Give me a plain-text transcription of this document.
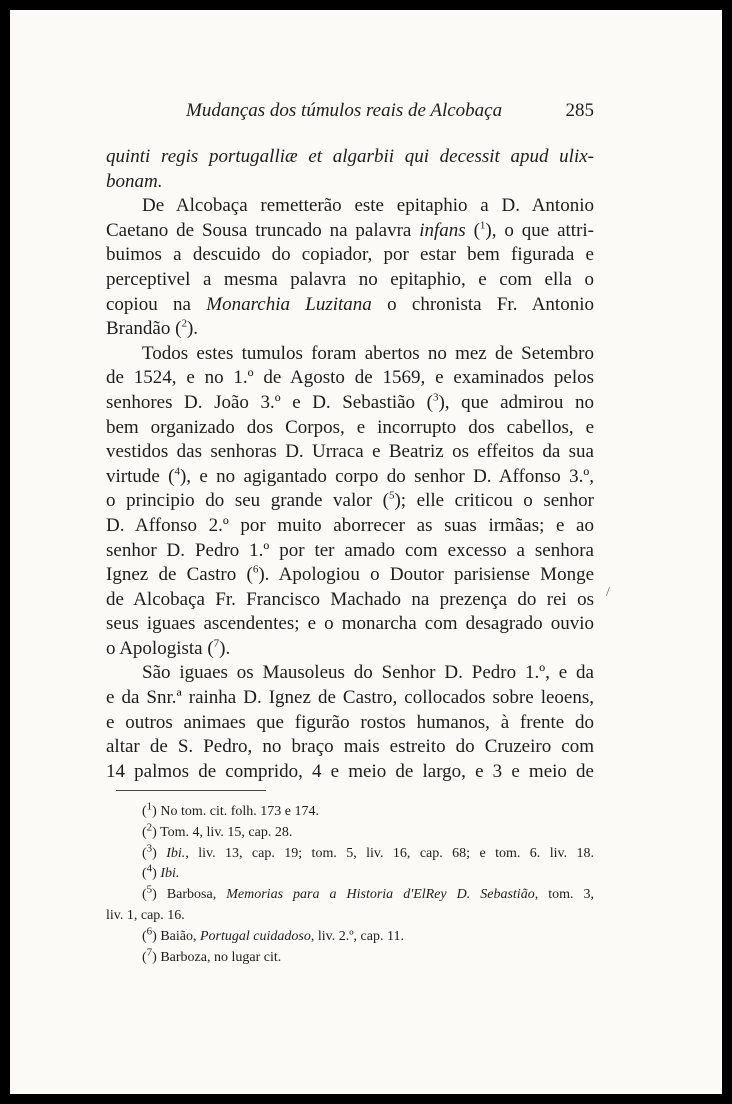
Mudanças dos túmulos reais de Alcobaça	285
quinti regis portugalliæ et algarbii qui decessit apud ulix-
bonam.
De Alcobaça remetterão este epitaphio a D. Antonio
Caetano de Sousa truncado na palavra infans ($^1$), o que attri-
buimos a descuido do copiador, por estar bem figurada e
perceptivel a mesma palavra no epitaphio, e com ella o
copiou na Monarchia Luzitana o chronista Fr. Antonio
Brandão ($^2$).
Todos estes tumulos foram abertos no mez de Setembro
de 1524, e no 1.º de Agosto de 1569, e examinados pelos
senhores D. João 3.º e D. Sebastião ($^3$), que admirou no
bem organizado dos Corpos, e incorrupto dos cabellos, e
vestidos das senhoras D. Urraca e Beatriz os effeitos da sua
virtude ($^4$), e no agigantado corpo do senhor D. Affonso 3.º,
o principio do seu grande valor ($^5$); elle criticou o senhor
D. Affonso 2.º por muito aborrecer as suas irmãas; e ao
senhor D. Pedro 1.º por ter amado com excesso a senhora
Ignez de Castro ($^6$). Apologiou o Doutor parisiense Monge
de Alcobaça Fr. Francisco Machado na prezença do rei os
seus iguaes ascendentes; e o monarcha com desagrado ouvio
o Apologista ($^7$).
São iguaes os Mausoleus do Senhor D. Pedro 1.º, e da
e da Snr.ª rainha D. Ignez de Castro, collocados sobre leoens,
e outros animaes que figurão rostos humanos, à frente do
altar de S. Pedro, no braço mais estreito do Cruzeiro com
14 palmos de comprido, 4 e meio de largo, e 3 e meio de
($^1$) No tom. cit. folh. 173 e 174.
($^2$) Tom. 4, liv. 15, cap. 28.
($^3$) Ibi., liv. 13, cap. 19; tom. 5, liv. 16, cap. 68; e tom. 6. liv. 18.
($^4$) Ibi.
($^5$) Barbosa, Memorias para a Historia d'ElRey D. Sebastião, tom. 3,
liv. 1, cap. 16.
($^6$) Baião, Portugal cuidadoso, liv. 2.º, cap. 11.
($^7$) Barboza, no lugar cit.
/
